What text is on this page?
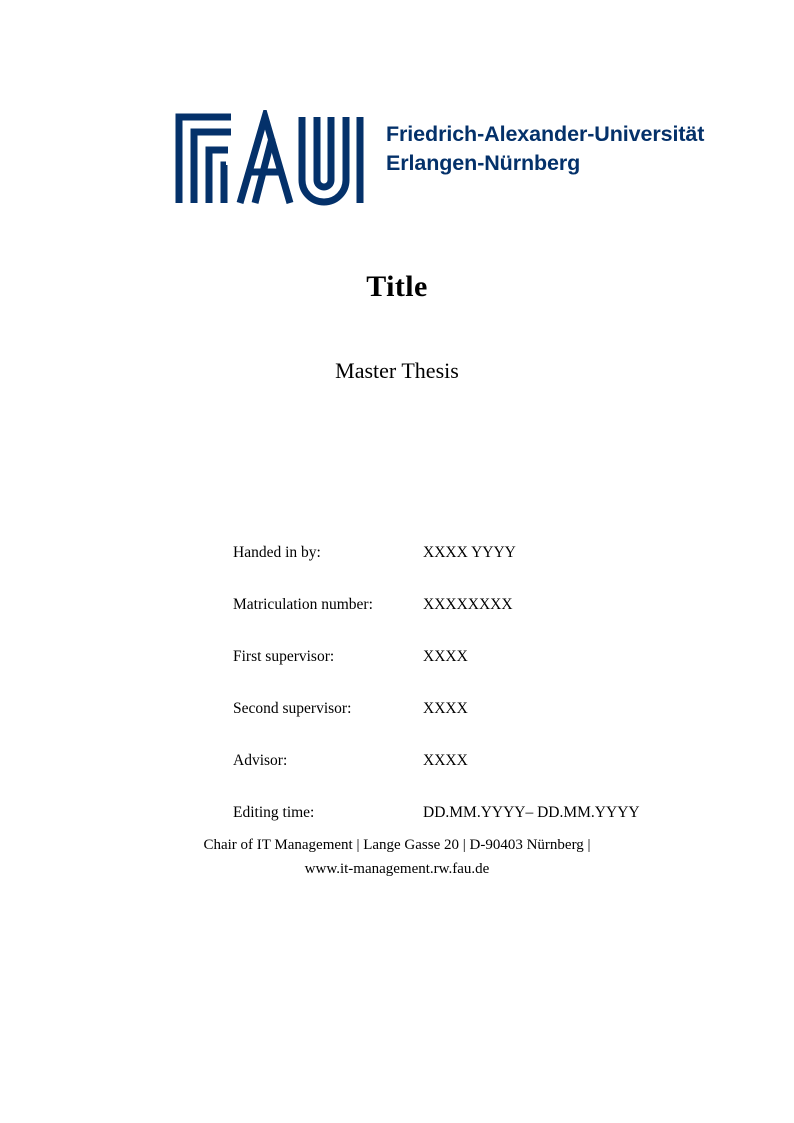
Friedrich-Alexander-Universität
Erlangen-Nürnberg
Title
Master Thesis
Handed in by:	XXXX YYYY
Matriculation number:	XXXXXXXX
First supervisor:	XXXX
Second supervisor:	XXXX
Advisor:	XXXX
Editing time:	DD.MM.YYYY– DD.MM.YYYY
Chair of IT Management | Lange Gasse 20 | D-90403 Nürnberg |
www.it-management.rw.fau.de
